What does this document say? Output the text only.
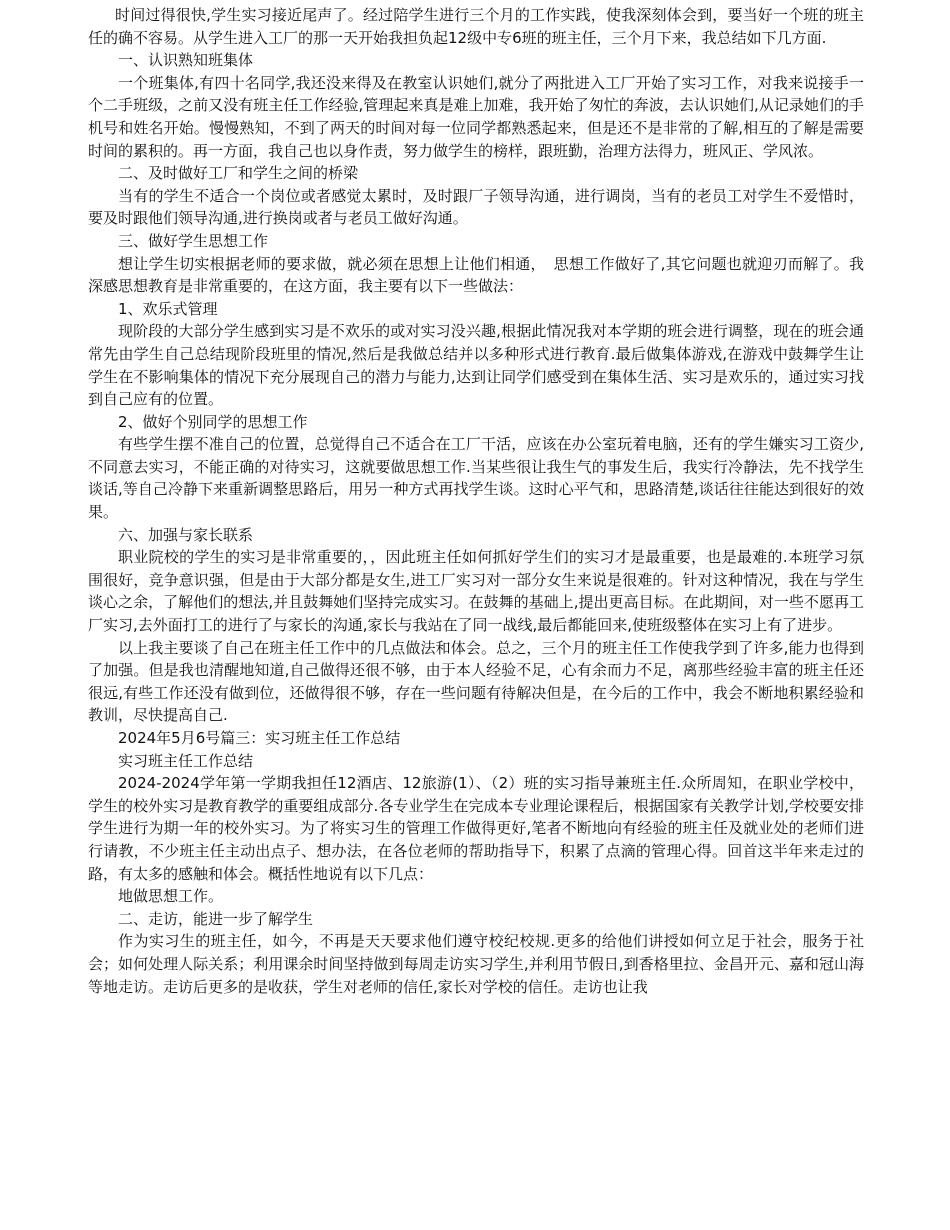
时间过得很快,学生实习接近尾声了。经过陪学生进行三个月的工作实践，使我深刻体会到，要当好一个班的班主任的确不容易。从学生进入工厂的那一天开始我担负起12级中专6班的班主任，三个月下来，我总结如下几方面.

一、认识熟知班集体

一个班集体,有四十名同学,我还没来得及在教室认识她们,就分了两批进入工厂开始了实习工作，对我来说接手一个二手班级，之前又没有班主任工作经验,管理起来真是难上加难，我开始了匆忙的奔波，去认识她们,从记录她们的手机号和姓名开始。慢慢熟知，不到了两天的时间对每一位同学都熟悉起来，但是还不是非常的了解,相互的了解是需要时间的累积的。再一方面，我自己也以身作责，努力做学生的榜样，跟班勤，治理方法得力，班风正、学风浓。

二、及时做好工厂和学生之间的桥梁

当有的学生不适合一个岗位或者感觉太累时，及时跟厂子领导沟通，进行调岗，当有的老员工对学生不爱惜时，要及时跟他们领导沟通,进行换岗或者与老员工做好沟通。

三、做好学生思想工作

想让学生切实根据老师的要求做，就必须在思想上让他们相通，　思想工作做好了,其它问题也就迎刃而解了。我深感思想教育是非常重要的，在这方面，我主要有以下一些做法：

1、欢乐式管理

现阶段的大部分学生感到实习是不欢乐的或对实习没兴趣,根据此情况我对本学期的班会进行调整，现在的班会通常先由学生自己总结现阶段班里的情况,然后是我做总结并以多种形式进行教育.最后做集体游戏,在游戏中鼓舞学生让学生在不影响集体的情况下充分展现自己的潜力与能力,达到让同学们感受到在集体生活、实习是欢乐的，通过实习找到自己应有的位置。

2、做好个别同学的思想工作

有些学生摆不准自己的位置，总觉得自己不适合在工厂干活，应该在办公室玩着电脑，还有的学生嫌实习工资少,不同意去实习，不能正确的对待实习，这就要做思想工作.当某些很让我生气的事发生后，我实行冷静法，先不找学生谈话,等自己冷静下来重新调整思路后，用另一种方式再找学生谈。这时心平气和，思路清楚,谈话往往能达到很好的效果。

六、加强与家长联系

职业院校的学生的实习是非常重要的，，因此班主任如何抓好学生们的实习才是最重要，也是最难的.本班学习氛围很好，竞争意识强，但是由于大部分都是女生,进工厂实习对一部分女生来说是很难的。针对这种情况，我在与学生谈心之余，了解他们的想法,并且鼓舞她们坚持完成实习。在鼓舞的基础上,提出更高目标。在此期间，对一些不愿再工厂实习,去外面打工的进行了与家长的沟通,家长与我站在了同一战线,最后都能回来,使班级整体在实习上有了进步。

以上我主要谈了自己在班主任工作中的几点做法和体会。总之，三个月的班主任工作使我学到了许多,能力也得到了加强。但是我也清醒地知道,自己做得还很不够，由于本人经验不足，心有余而力不足，离那些经验丰富的班主任还很远,有些工作还没有做到位，还做得很不够，存在一些问题有待解决但是，在今后的工作中，我会不断地积累经验和教训，尽快提高自己.

2024年5月6号篇三：实习班主任工作总结

实习班主任工作总结

2024-2024学年第一学期我担任12酒店、12旅游(1）、（2）班的实习指导兼班主任.众所周知，在职业学校中，学生的校外实习是教育教学的重要组成部分.各专业学生在完成本专业理论课程后，根据国家有关教学计划,学校要安排学生进行为期一年的校外实习。为了将实习生的管理工作做得更好,笔者不断地向有经验的班主任及就业处的老师们进行请教，不少班主任主动出点子、想办法，在各位老师的帮助指导下，积累了点滴的管理心得。回首这半年来走过的路，有太多的感触和体会。概括性地说有以下几点：

地做思想工作。

二、走访，能进一步了解学生

作为实习生的班主任，如今，不再是天天要求他们遵守校纪校规.更多的给他们讲授如何立足于社会，服务于社会；如何处理人际关系；利用课余时间坚持做到每周走访实习学生,并利用节假日,到香格里拉、金昌开元、嘉和冠山海等地走访。走访后更多的是收获，学生对老师的信任,家长对学校的信任。走访也让我
